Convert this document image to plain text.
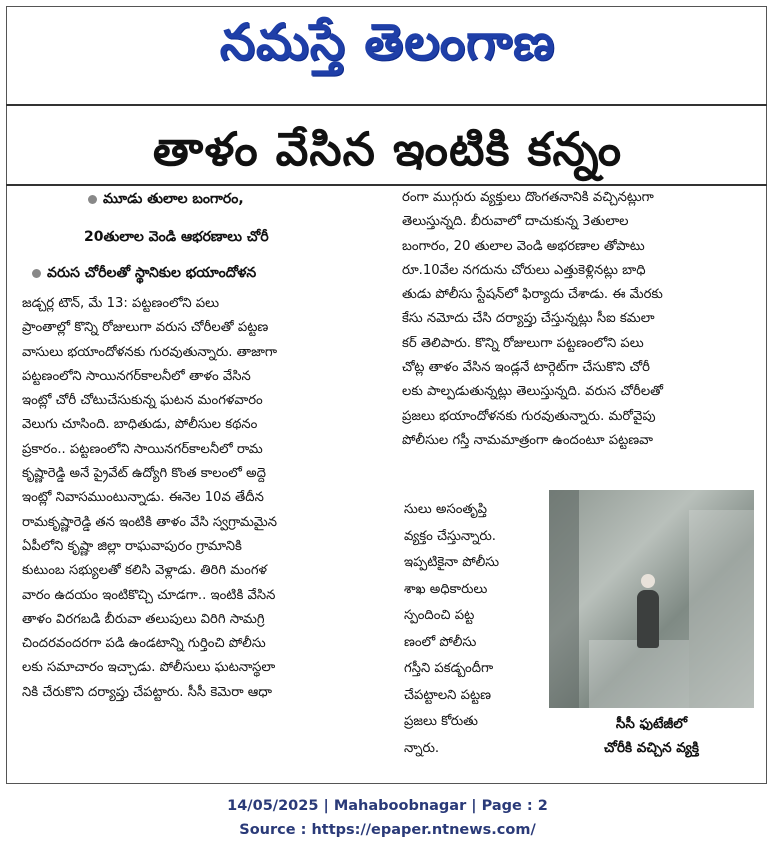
నమస్తే తెలంగాణ
తాళం వేసిన ఇంటికి కన్నం
మూడు తులాల బంగారం,
20తులాల వెండి ఆభరణాలు చోరీ
వరుస చోరీలతో స్థానికుల భయాందోళన

జడ్చర్ల టౌన్, మే 13: పట్టణంలోని పలు

ప్రాంతాల్లో కొన్ని రోజులుగా వరుస చోరీలతో పట్టణ

వాసులు భయాందోళనకు గురవుతున్నారు. తాజాగా

పట్టణంలోని సాయినగర్‌కాలనీలో తాళం వేసిన

ఇంట్లో చోరీ చోటుచేసుకున్న ఘటన మంగళవారం

వెలుగు చూసింది. బాధితుడు, పోలీసుల కథనం

ప్రకారం.. పట్టణంలోని సాయినగర్‌కాలనీలో రామ

కృష్ణారెడ్డి అనే ప్రైవేట్ ఉద్యోగి కొంత కాలంలో అద్దె

ఇంట్లో నివాసముంటున్నాడు. ఈనెల 10వ తేదీన

రామకృష్ణారెడ్డి తన ఇంటికి తాళం వేసి స్వగ్రామమైన

ఏపీలోని కృష్ణా జిల్లా రాఘవాపురం గ్రామానికి

కుటుంబ సభ్యులతో కలిసి వెళ్లాడు. తిరిగి మంగళ

వారం ఉదయం ఇంటికొచ్చి చూడగా.. ఇంటికి వేసిన

తాళం విరగబడి బీరువా తలుపులు విరిగి సామగ్రి

చిందరవందరగా పడి ఉండటాన్ని గుర్తించి పోలీసు

లకు సమాచారం ఇచ్చాడు. పోలీసులు ఘటనాస్థలా

నికి చేరుకొని దర్యాప్తు చేపట్టారు. సీసీ కెమెరా ఆధా

రంగా ముగ్గురు వ్యక్తులు దొంగతనానికి వచ్చినట్లుగా

తెలుస్తున్నది. బీరువాలో దాచుకున్న 3తులాల

బంగారం, 20 తులాల వెండి అభరణాల తోపాటు

రూ.10వేల నగదును చోరులు ఎత్తుకెళ్లినట్లు బాధి

తుడు పోలీసు స్టేషన్‌లో ఫిర్యాదు చేశాడు. ఈ మేరకు

కేసు నమోదు చేసి దర్యాప్తు చేస్తున్నట్లు సీఐ కమలా

కర్ తెలిపారు. కొన్ని రోజులుగా పట్టణంలోని పలు

చోట్ల తాళం వేసిన ఇండ్లనే టార్గెట్‌గా చేసుకొని చోరీ

లకు పాల్పడుతున్నట్లు తెలుస్తున్నది. వరుస చోరీలతో

ప్రజలు భయాందోళనకు గురవుతున్నారు. మరోవైపు

పోలీసుల గస్తీ నామమాత్రంగా ఉందంటూ పట్టణవా

సులు అసంతృప్తి

వ్యక్తం చేస్తున్నారు.

ఇప్పటికైనా పోలీసు

శాఖ అధికారులు

స్పందించి పట్ట

ణంలో పోలీసు

గస్తీని పకడ్బందీగా

చేపట్టాలని పట్టణ

ప్రజలు కోరుతు

న్నారు.

సీసీ ఫుటేజీలో
చోరీకి వచ్చిన వ్యక్తి
14/05/2025 | Mahaboobnagar | Page : 2
Source : https://epaper.ntnews.com/
